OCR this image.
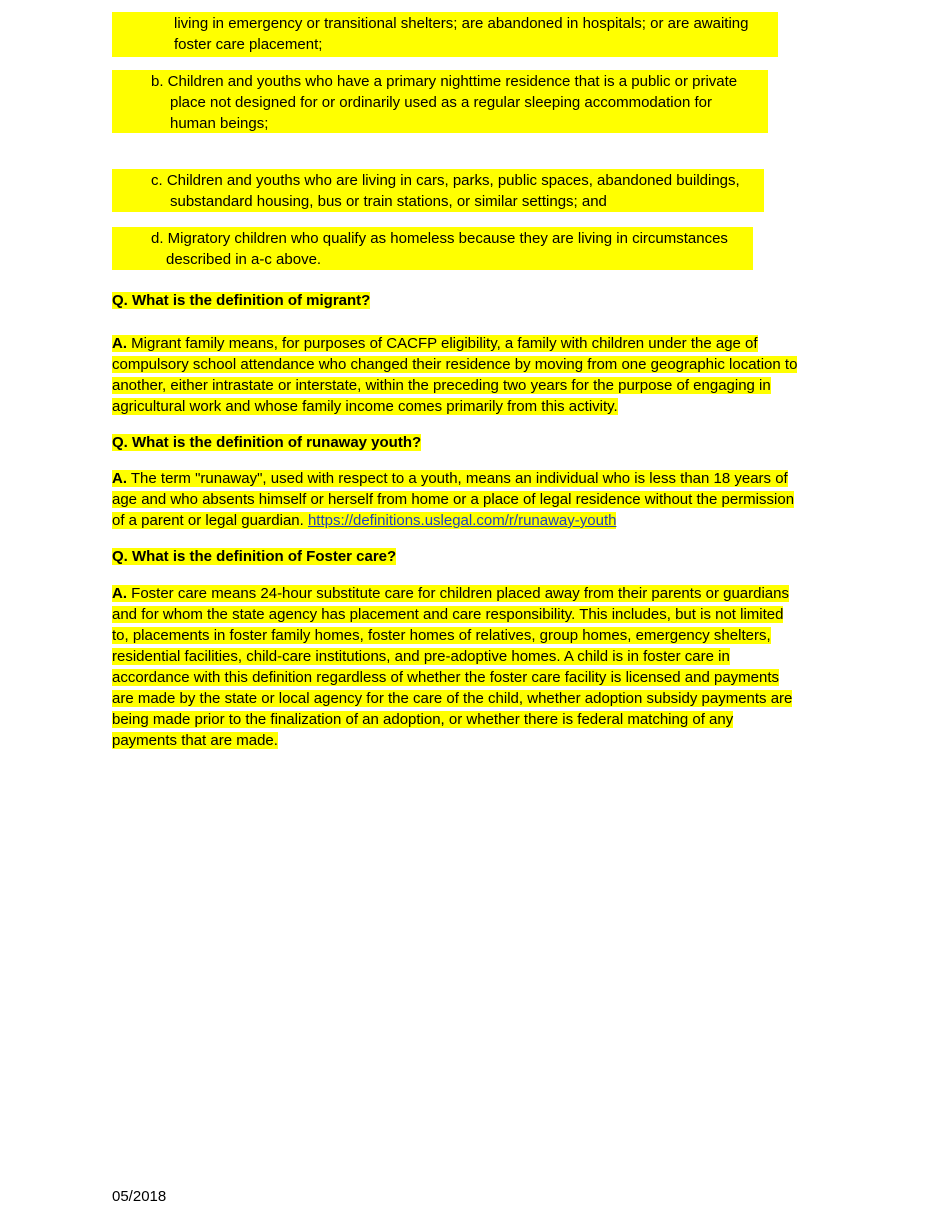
living in emergency or transitional shelters; are abandoned in hospitals; or are awaiting
foster care placement;
b. Children and youths who have a primary nighttime residence that is a public or private
place not designed for or ordinarily used as a regular sleeping accommodation for
human beings;
c. Children and youths who are living in cars, parks, public spaces, abandoned buildings,
substandard housing, bus or train stations, or similar settings; and
d. Migratory children who qualify as homeless because they are living in circumstances
described in a-c above.
Q. What is the definition of migrant?
A. Migrant family means, for purposes of CACFP eligibility, a family with children under the age of
compulsory school attendance who changed their residence by moving from one geographic location to
another, either intrastate or interstate, within the preceding two years for the purpose of engaging in
agricultural work and whose family income comes primarily from this activity.
Q. What is the definition of runaway youth?
A. The term "runaway", used with respect to a youth, means an individual who is less than 18 years of
age and who absents himself or herself from home or a place of legal residence without the permission
of a parent or legal guardian. https://definitions.uslegal.com/r/runaway-youth
Q. What is the definition of Foster care?
A. Foster care means 24-hour substitute care for children placed away from their parents or guardians
and for whom the state agency has placement and care responsibility. This includes, but is not limited
to, placements in foster family homes, foster homes of relatives, group homes, emergency shelters,
residential facilities, child-care institutions, and pre-adoptive homes. A child is in foster care in
accordance with this definition regardless of whether the foster care facility is licensed and payments
are made by the state or local agency for the care of the child, whether adoption subsidy payments are
being made prior to the finalization of an adoption, or whether there is federal matching of any
payments that are made.
05/2018
